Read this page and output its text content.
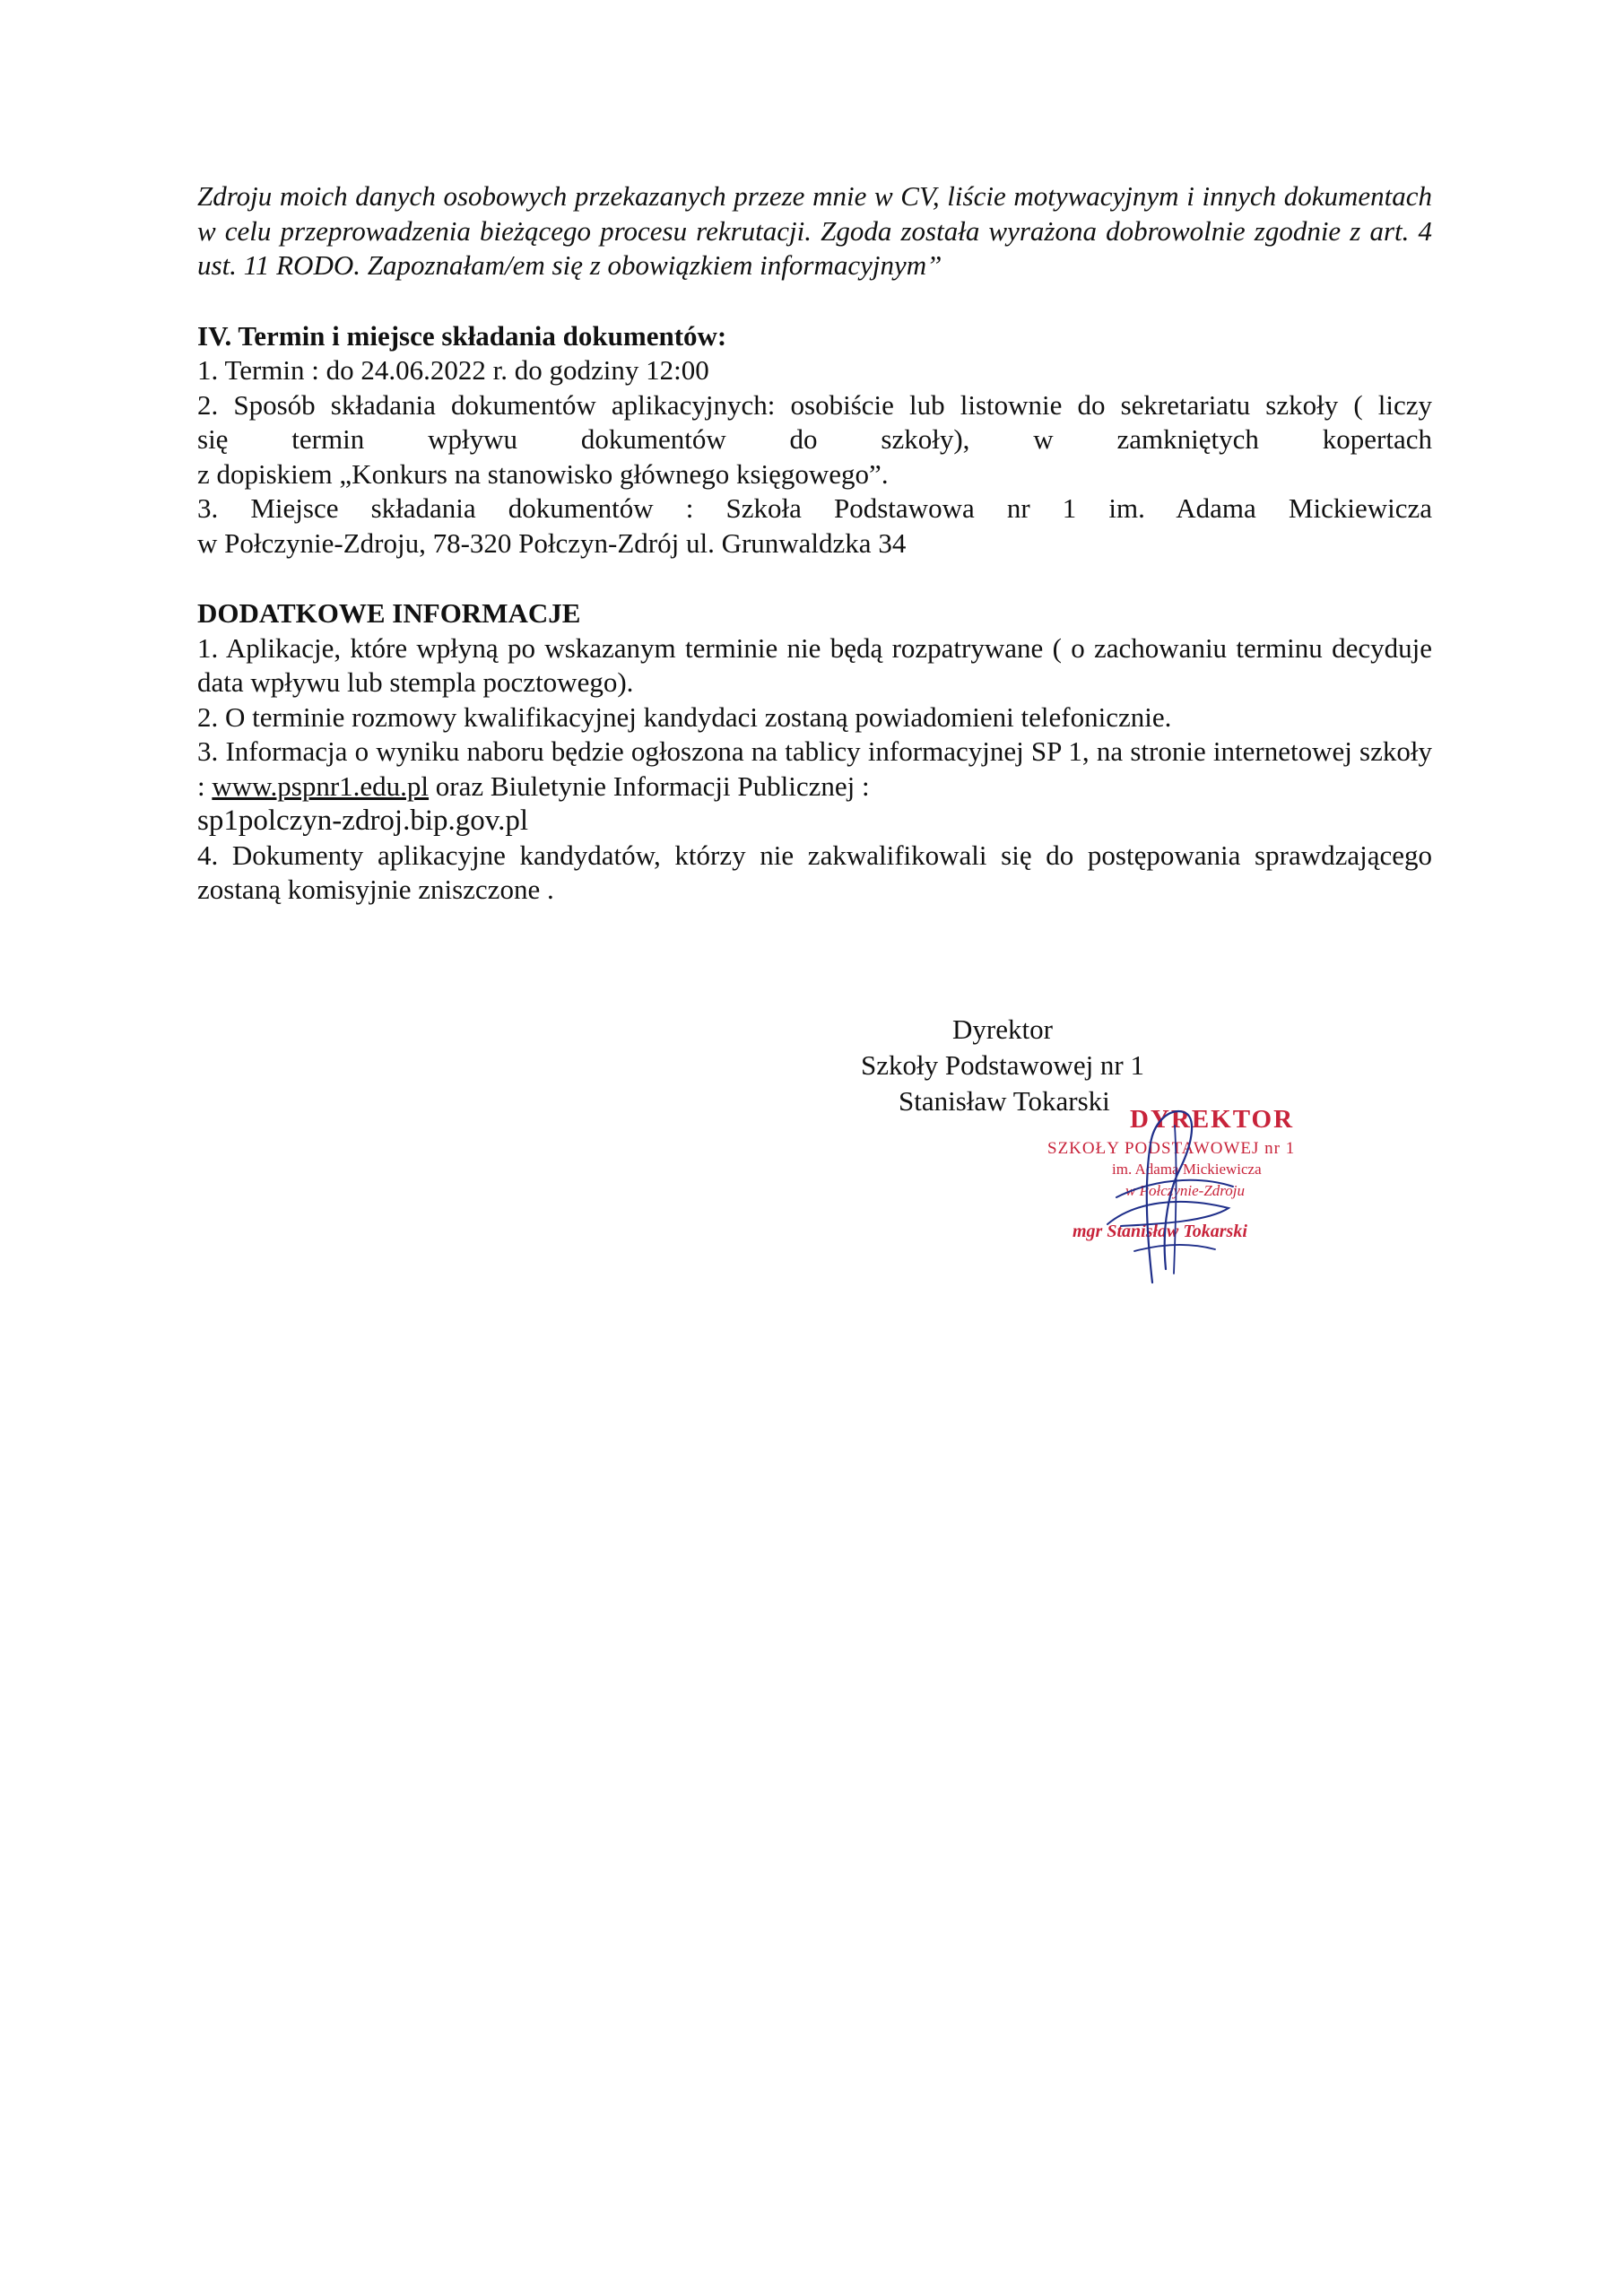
Zdroju moich danych osobowych przekazanych przeze mnie w CV, liście motywacyjnym i innych dokumentach w celu przeprowadzenia bieżącego procesu rekrutacji. Zgoda została wyrażona dobrowolnie zgodnie z art. 4 ust. 11 RODO. Zapoznałam/em się z obowiązkiem informacyjnym”
IV. Termin i miejsce składania dokumentów:
1. Termin : do 24.06.2022 r. do godziny 12:00
2. Sposób składania dokumentów aplikacyjnych: osobiście lub listownie do sekretariatu szkoły ( liczy
się termin wpływu dokumentów do szkoły), w zamkniętych kopertach
z dopiskiem „Konkurs na stanowisko głównego księgowego”.
3. Miejsce składania dokumentów : Szkoła Podstawowa nr 1 im. Adama Mickiewicza
w Połczynie-Zdroju, 78-320 Połczyn-Zdrój ul. Grunwaldzka 34
DODATKOWE INFORMACJE
1. Aplikacje, które wpłyną po wskazanym terminie nie będą rozpatrywane ( o zachowaniu terminu decyduje data wpływu lub stempla pocztowego).
2. O terminie rozmowy kwalifikacyjnej kandydaci zostaną powiadomieni telefonicznie.
3. Informacja o wyniku naboru będzie ogłoszona na tablicy informacyjnej SP 1, na stronie internetowej szkoły : www.pspnr1.edu.pl oraz Biuletynie Informacji Publicznej :
sp1polczyn-zdroj.bip.gov.pl
4. Dokumenty aplikacyjne kandydatów, którzy nie zakwalifikowali się do postępowania sprawdzającego zostaną komisyjnie zniszczone .
Dyrektor
Szkoły Podstawowej nr 1
Stanisław Tokarski
DYREKTOR
SZKOŁY PODSTAWOWEJ nr 1
im. Adama Mickiewicza
w Połczynie-Zdroju
mgr Stanisław Tokarski
